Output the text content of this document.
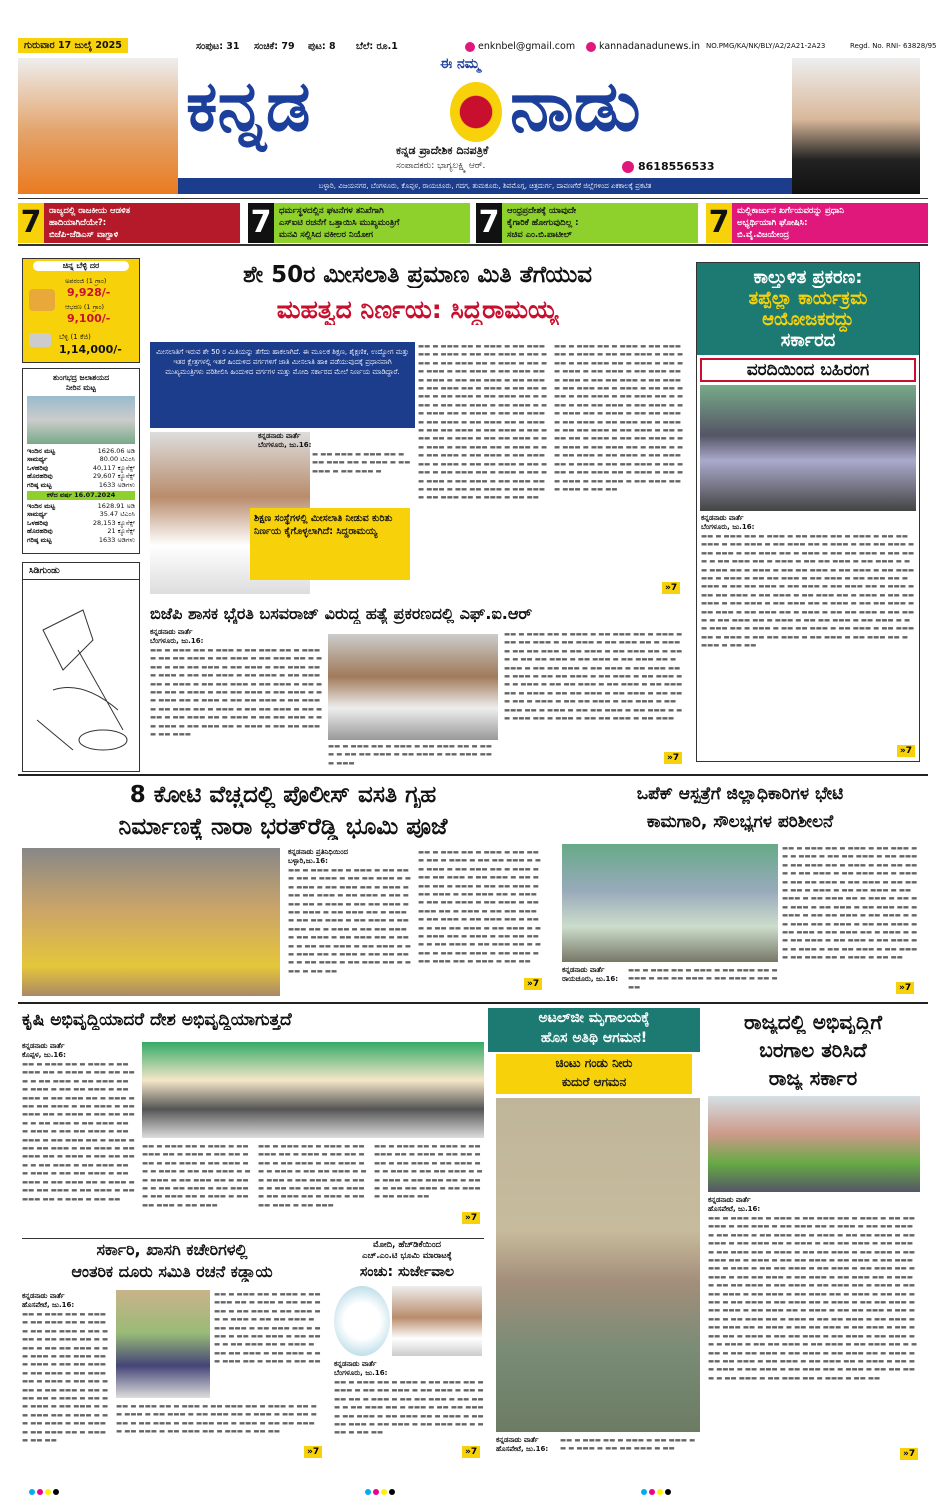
ಗುರುವಾರ 17 ಜುಲೈ 2025	ಸಂಪುಟ: 31 ಸಂಚಿಕೆ: 79 ಪುಟ: 8 ಬೆಲೆ: ರೂ.1	enknbel@gmail.com	kannadanadunews.in NO.PMG/KA/NK/BLY/A2/2A21-2A23	Regd. No. RNI- 63828/95
ಕನ್ನಡ
ಈ ನಮ್ಮ
ನಾಡು
ಕನ್ನಡ ಪ್ರಾದೇಶಿಕ ದಿನಪತ್ರಿಕೆ
ಸಂಪಾದಕರು: ಭಾಗ್ಯಲಕ್ಷ್ಮಿ ಆರ್.	8618556533
ಬಳ್ಳಾರಿ, ವಿಜಯನಗರ, ಬೆಂಗಳೂರು, ಕೊಪ್ಪಳ, ರಾಯಚೂರು, ಗದಗ, ತುಮಕೂರು, ಶಿವಮೊಗ್ಗ, ಚಿತ್ರದುರ್ಗ, ದಾವಣಗೆರೆ ಜಿಲ್ಲೆಗಳಿಂದ ಏಕಕಾಲಕ್ಕೆ ಪ್ರಕಟಿತ
7 ರಾಜ್ಯದಲ್ಲಿ ರಾಜಕೀಯ ಆಡಳಿತ
ಹಾದಿಯಾಗಿದೆಯೇ?:
ಬಿಜೆಪಿ-ಜೆಡಿಎಸ್ ವಾಗ್ದಾಳಿ	7 ಧರ್ಮಸ್ಥಳದಲ್ಲಿನ ಘಟನೆಗಳ ತನಿಖೆಗಾಗಿ
ಎಸ್‌ಐಟಿ ರಚನೆಗೆ ಒತ್ತಾಯಿಸಿ ಮುಖ್ಯಮಂತ್ರಿಗೆ
ಮನವಿ ಸಲ್ಲಿಸಿದ ವಕೀಲರ ನಿಯೋಗ	7 ಆಂಧ್ರಪ್ರದೇಶಕ್ಕೆ ಯಾವುದೇ
ಕೈಗಾರಿಕೆ ಹೋಗುವುದಿಲ್ಲ :
ಸಚಿವ ಎಂ.ಬಿ.ಪಾಟೀಲ್	7 ಮಲ್ಲಿಕಾರ್ಜುನ ಖರ್ಗೆಯವರನ್ನು ಪ್ರಧಾನಿ
ಅಭ್ಯರ್ಥಿಯಾಗಿ ಘೋಷಿಸಿ:
ಬಿ.ವೈ.ವಿಜಯೇಂದ್ರ
ಚಿನ್ನ ಬೆಳ್ಳಿ ದರ
ಅಪರಂಜಿ (1 ಗ್ರಾಂ)
9,928/-
ಆಭರಣ (1 ಗ್ರಾಂ)
9,100/-
ಬೆಳ್ಳಿ (1 ಕೆಜಿ)
1,14,000/-
ತುಂಗಭದ್ರ ಜಲಾಶಯದ
ನೀರಿನ ಮಟ್ಟ
ಇಂದಿನ ಮಟ್ಟ	1626.06 ಅಡಿ
ಸಾಮರ್ಥ್ಯ	80.00 ಟಿಎಂಸಿ
ಒಳಹರಿವು	40,117 ಕ್ಯೂಸೆಕ್ಸ್
ಹೊರಹರಿವು	29,607 ಕ್ಯೂಸೆಕ್ಸ್
ಗರಿಷ್ಠ ಮಟ್ಟ	1633 ಅಡಿಗಳು
ಕಳೆದ ವರ್ಷ 16.07.2024
ಇಂದಿನ ಮಟ್ಟ	1628.91 ಅಡಿ
ಸಾಮರ್ಥ್ಯ	35.47 ಟಿಎಂಸಿ
ಒಳಹರಿವು	28,153 ಕ್ಯೂಸೆಕ್ಸ್
ಹೊರಹರಿವು	21 ಕ್ಯೂಸೆಕ್ಸ್
ಗರಿಷ್ಠ ಮಟ್ಟ	1633 ಅಡಿಗಳು
ಸಿಡಿಗುಂಡು
ಶೇ 50ರ ಮೀಸಲಾತಿ ಪ್ರಮಾಣ ಮಿತಿ ತೆಗೆಯುವ
ಮಹತ್ವದ ನಿರ್ಣಯ: ಸಿದ್ದರಾಮಯ್ಯ
ಮೀಸಲಾತಿಗೆ ಇರುವ ಶೇ 50 ರ ಮಿತಿಯನ್ನು ತೆಗೆದು ಹಾಕಲಾಗಿದೆ. ಈ ಮೂಲಕ ಶಿಕ್ಷಣ, ಶೈಕ್ಷಣಿಕ, ಉದ್ಯೋಗ ಮತ್ತು ಇತರ ಕ್ಷೇತ್ರಗಳಲ್ಲಿ ಇತರೆ ಹಿಂದುಳಿದ ವರ್ಗಗಳಿಗೆ ಜಾತಿ ಮೀಸಲಾತಿ ಹಾಕಿ ಪಡೆಯುವುದಕ್ಕೆ ಪ್ರಧಾನವಾಗಿ ಮುಖ್ಯಮಂತ್ರಿಗಳು ಪರಿಶೀಲಿಸಿ ಹಿಂದುಳಿದ ವರ್ಗಗಳ ಮತ್ತು ಮೋದಿ ಸರ್ಕಾರದ ಮೇಲೆ ನಿರ್ಣಯ ಮಾಡಿದ್ದಾರೆ.
ಶಿಕ್ಷಣ ಸಂಸ್ಥೆಗಳಲ್ಲಿ ಮೀಸಲಾತಿ ನೀಡುವ ಕುರಿತು ನಿರ್ಣಯ ಕೈಗೊಳ್ಳಲಾಗಿದೆ: ಸಿದ್ದರಾಮಯ್ಯ
ಕನ್ನಡನಾಡು ವಾರ್ತೆ
ಬೆಂಗಳೂರು, ಜು.16:
▬ ▬▬ ▬▬▬ ▬ ▬▬▬ ▬▬ ▬ ▬▬ ▬▬▬ ▬▬ ▬ ▬▬▬ ▬ ▬▬ ▬▬▬ ▬ ▬▬ ▬▬▬ ▬
▬▬ ▬ ▬▬▬ ▬▬ ▬ ▬▬▬ ▬ ▬▬ ▬▬▬ ▬▬ ▬ ▬▬▬ ▬ ▬▬ ▬▬ ▬▬▬ ▬ ▬▬ ▬▬▬ ▬ ▬▬ ▬▬▬ ▬▬ ▬ ▬▬▬ ▬ ▬▬ ▬▬ ▬▬▬ ▬ ▬▬ ▬▬▬ ▬ ▬▬ ▬▬▬ ▬▬ ▬ ▬▬▬ ▬ ▬▬ ▬▬ ▬▬▬ ▬ ▬▬ ▬▬▬ ▬ ▬▬ ▬▬▬ ▬▬ ▬ ▬▬▬ ▬ ▬▬ ▬▬ ▬▬▬ ▬ ▬▬ ▬▬▬ ▬ ▬▬ ▬▬▬ ▬▬ ▬ ▬▬▬ ▬ ▬▬ ▬▬ ▬▬▬ ▬ ▬▬ ▬▬▬ ▬ ▬▬ ▬▬▬ ▬▬ ▬ ▬▬▬ ▬ ▬▬ ▬▬ ▬▬▬ ▬ ▬▬ ▬▬▬ ▬ ▬▬ ▬▬▬ ▬▬ ▬ ▬▬▬ ▬ ▬▬ ▬▬ ▬▬▬ ▬ ▬▬ ▬▬▬ ▬ ▬▬ ▬▬▬ ▬▬ ▬ ▬▬▬ ▬ ▬▬ ▬▬ ▬▬▬ ▬ ▬▬ ▬▬▬ ▬ ▬▬ ▬▬▬ ▬▬ ▬ ▬▬▬ ▬ ▬▬ ▬▬ ▬▬▬ ▬ ▬▬ ▬▬▬ ▬ ▬▬ ▬▬▬ ▬▬ ▬ ▬▬▬ ▬ ▬▬ ▬▬ ▬▬▬ ▬ ▬▬ ▬▬▬ ▬ ▬▬ ▬▬▬ ▬▬ ▬ ▬▬▬ ▬ ▬▬ ▬▬ ▬▬▬ ▬ ▬▬ ▬▬▬ ▬ ▬▬ ▬▬▬ ▬▬ ▬ ▬▬▬ ▬ ▬▬ ▬▬ ▬▬▬ ▬ ▬▬ ▬▬▬ ▬ ▬▬ ▬▬▬ ▬▬ ▬ ▬▬▬ ▬ ▬▬ ▬▬
▬▬ ▬ ▬▬▬ ▬▬ ▬ ▬▬▬ ▬ ▬▬ ▬▬▬ ▬▬ ▬ ▬▬▬ ▬ ▬▬ ▬▬ ▬▬▬ ▬ ▬▬ ▬▬▬ ▬ ▬▬ ▬▬▬ ▬▬ ▬ ▬▬▬ ▬ ▬▬ ▬▬ ▬▬▬ ▬ ▬▬ ▬▬▬ ▬ ▬▬ ▬▬▬ ▬▬ ▬ ▬▬▬ ▬ ▬▬ ▬▬ ▬▬▬ ▬ ▬▬ ▬▬▬ ▬ ▬▬ ▬▬▬ ▬▬ ▬ ▬▬▬ ▬ ▬▬ ▬▬ ▬▬▬ ▬ ▬▬ ▬▬▬ ▬ ▬▬ ▬▬▬ ▬▬ ▬ ▬▬▬ ▬ ▬▬ ▬▬ ▬▬▬ ▬ ▬▬ ▬▬▬ ▬ ▬▬ ▬▬▬ ▬▬ ▬ ▬▬▬ ▬ ▬▬ ▬▬ ▬▬▬ ▬ ▬▬ ▬▬▬ ▬ ▬▬ ▬▬▬ ▬▬ ▬ ▬▬▬ ▬ ▬▬ ▬▬ ▬▬▬ ▬ ▬▬ ▬▬▬ ▬ ▬▬ ▬▬▬ ▬▬ ▬ ▬▬▬ ▬ ▬▬ ▬▬ ▬▬▬ ▬ ▬▬ ▬▬▬ ▬ ▬▬ ▬▬▬ ▬▬ ▬ ▬▬▬ ▬ ▬▬ ▬▬ ▬▬▬ ▬ ▬▬ ▬▬▬ ▬ ▬▬ ▬▬▬ ▬▬ ▬ ▬▬▬ ▬ ▬▬ ▬▬ ▬▬▬ ▬ ▬▬ ▬▬▬ ▬ ▬▬ ▬▬▬ ▬▬ ▬ ▬▬▬ ▬ ▬▬ ▬▬ ▬▬▬ ▬ ▬▬ ▬▬▬ ▬ ▬▬ ▬▬▬ ▬▬ ▬ ▬▬▬ ▬ ▬▬ ▬▬
»7
ಕಾಲ್ತುಳಿತ ಪ್ರಕರಣ:
ತಪ್ಪೆಲ್ಲಾ ಕಾರ್ಯಕ್ರಮ
ಆಯೋಜಕರದ್ದು
ಸರ್ಕಾರದ
ವರದಿಯಿಂದ ಬಹಿರಂಗ
ಕನ್ನಡನಾಡು ವಾರ್ತೆ
ಬೆಂಗಳೂರು, ಜು.16:
▬▬ ▬ ▬▬▬ ▬▬ ▬ ▬▬▬ ▬ ▬▬ ▬▬▬ ▬▬ ▬ ▬▬▬ ▬ ▬▬ ▬▬ ▬▬▬ ▬ ▬▬ ▬▬▬ ▬ ▬▬ ▬▬▬ ▬▬ ▬ ▬▬▬ ▬ ▬▬ ▬▬ ▬▬▬ ▬ ▬▬ ▬▬▬ ▬ ▬▬ ▬▬▬ ▬▬ ▬ ▬▬▬ ▬ ▬▬ ▬▬ ▬▬▬ ▬ ▬▬ ▬▬▬ ▬ ▬▬ ▬▬▬ ▬▬ ▬ ▬▬▬ ▬ ▬▬ ▬▬ ▬▬▬ ▬ ▬▬ ▬▬▬ ▬ ▬▬ ▬▬▬ ▬▬ ▬ ▬▬▬ ▬ ▬▬ ▬▬ ▬▬▬ ▬ ▬▬ ▬▬▬ ▬ ▬▬ ▬▬▬ ▬▬ ▬ ▬▬▬ ▬ ▬▬ ▬▬ ▬▬▬ ▬ ▬▬ ▬▬▬ ▬ ▬▬ ▬▬▬ ▬▬ ▬ ▬▬▬ ▬ ▬▬ ▬▬ ▬▬▬ ▬ ▬▬ ▬▬▬ ▬ ▬▬ ▬▬▬ ▬▬ ▬ ▬▬▬ ▬ ▬▬ ▬▬ ▬▬▬ ▬ ▬▬ ▬▬▬ ▬ ▬▬ ▬▬▬ ▬▬ ▬ ▬▬▬ ▬ ▬▬ ▬▬ ▬▬▬ ▬ ▬▬ ▬▬▬ ▬ ▬▬ ▬▬▬ ▬▬ ▬ ▬▬▬ ▬ ▬▬ ▬▬ ▬▬▬ ▬ ▬▬ ▬▬▬ ▬ ▬▬ ▬▬▬ ▬▬ ▬ ▬▬▬ ▬ ▬▬ ▬▬ ▬▬▬ ▬ ▬▬ ▬▬▬ ▬ ▬▬ ▬▬▬ ▬▬ ▬ ▬▬▬ ▬ ▬▬ ▬▬ ▬▬▬ ▬ ▬▬ ▬▬▬ ▬ ▬▬ ▬▬▬ ▬▬ ▬ ▬▬▬ ▬ ▬▬ ▬▬ ▬▬▬ ▬ ▬▬ ▬▬▬ ▬ ▬▬ ▬▬▬ ▬▬ ▬ ▬▬▬ ▬ ▬▬ ▬▬ ▬▬▬ ▬ ▬▬ ▬▬▬ ▬ ▬▬ ▬▬▬ ▬▬ ▬ ▬▬▬ ▬ ▬▬ ▬▬
»7
ಬಿಜೆಪಿ ಶಾಸಕ ಭೈರತಿ ಬಸವರಾಜ್ ವಿರುದ್ಧ ಹತ್ಯೆ ಪ್ರಕರಣದಲ್ಲಿ ಎಫ್.ಐ.ಆರ್
ಕನ್ನಡನಾಡು ವಾರ್ತೆ
ಬೆಂಗಳೂರು, ಜು.16:
▬▬ ▬ ▬▬▬ ▬▬ ▬ ▬▬▬ ▬ ▬▬ ▬▬▬ ▬▬ ▬ ▬▬▬ ▬ ▬▬ ▬▬ ▬▬▬ ▬ ▬▬ ▬▬▬ ▬ ▬▬ ▬▬▬ ▬▬ ▬ ▬▬▬ ▬ ▬▬ ▬▬ ▬▬▬ ▬ ▬▬ ▬▬▬ ▬ ▬▬ ▬▬▬ ▬▬ ▬ ▬▬▬ ▬ ▬▬ ▬▬ ▬▬▬ ▬ ▬▬ ▬▬▬ ▬ ▬▬ ▬▬▬ ▬▬ ▬ ▬▬▬ ▬ ▬▬ ▬▬ ▬▬▬ ▬ ▬▬ ▬▬▬ ▬ ▬▬ ▬▬▬ ▬▬ ▬ ▬▬▬ ▬ ▬▬ ▬▬ ▬▬▬ ▬ ▬▬ ▬▬▬ ▬ ▬▬ ▬▬▬ ▬▬ ▬ ▬▬▬ ▬ ▬▬ ▬▬ ▬▬▬ ▬ ▬▬ ▬▬▬ ▬ ▬▬ ▬▬▬ ▬▬ ▬ ▬▬▬ ▬ ▬▬ ▬▬ ▬▬▬ ▬ ▬▬ ▬▬▬ ▬ ▬▬ ▬▬▬ ▬▬ ▬ ▬▬▬ ▬ ▬▬ ▬▬ ▬▬▬ ▬ ▬▬ ▬▬▬ ▬ ▬▬ ▬▬▬ ▬▬ ▬ ▬▬▬ ▬ ▬▬ ▬▬ ▬▬▬ ▬ ▬▬ ▬▬▬
▬▬ ▬ ▬▬▬ ▬▬ ▬ ▬▬▬ ▬ ▬▬ ▬▬▬ ▬▬ ▬ ▬▬▬ ▬ ▬▬ ▬▬ ▬▬▬ ▬ ▬▬ ▬▬▬ ▬ ▬▬ ▬▬▬ ▬▬ ▬ ▬▬▬
▬▬ ▬ ▬▬▬ ▬▬ ▬ ▬▬▬ ▬ ▬▬ ▬▬▬ ▬▬ ▬ ▬▬▬ ▬ ▬▬ ▬▬ ▬▬▬ ▬ ▬▬ ▬▬▬ ▬ ▬▬ ▬▬▬ ▬▬ ▬ ▬▬▬ ▬ ▬▬ ▬▬ ▬▬▬ ▬ ▬▬ ▬▬▬ ▬ ▬▬ ▬▬▬ ▬▬ ▬ ▬▬▬ ▬ ▬▬ ▬▬ ▬▬▬ ▬ ▬▬ ▬▬▬ ▬ ▬▬ ▬▬▬ ▬▬ ▬ ▬▬▬ ▬ ▬▬ ▬▬ ▬▬▬ ▬ ▬▬ ▬▬▬ ▬ ▬▬ ▬▬▬ ▬▬ ▬ ▬▬▬ ▬ ▬▬ ▬▬ ▬▬▬ ▬ ▬▬ ▬▬▬ ▬ ▬▬ ▬▬▬ ▬▬ ▬ ▬▬▬ ▬ ▬▬ ▬▬ ▬▬▬ ▬ ▬▬ ▬▬▬ ▬ ▬▬ ▬▬▬ ▬▬ ▬ ▬▬▬ ▬ ▬▬ ▬▬ ▬▬▬ ▬ ▬▬ ▬▬▬ ▬ ▬▬ ▬▬▬ ▬▬ ▬ ▬▬▬ ▬ ▬▬ ▬▬ ▬▬▬ ▬ ▬▬ ▬▬▬ ▬ ▬▬ ▬▬▬ ▬▬ ▬ ▬▬▬ ▬ ▬▬ ▬▬ ▬▬▬ ▬ ▬▬ ▬▬▬ ▬ ▬▬ ▬▬▬ ▬▬ ▬ ▬▬▬ ▬ ▬▬ ▬▬ ▬▬▬ ▬ ▬▬ ▬▬▬
»7
8 ಕೋಟಿ ವೆಚ್ಚದಲ್ಲಿ ಪೊಲೀಸ್ ವಸತಿ ಗೃಹ
ನಿರ್ಮಾಣಕ್ಕೆ ನಾರಾ ಭರತ್‌ರೆಡ್ಡಿ ಭೂಮಿ ಪೂಜೆ
ಕನ್ನಡನಾಡು ಪ್ರತಿನಿಧಿಯಿಂದ
ಬಳ್ಳಾರಿ,ಜು.16:
▬▬ ▬ ▬▬▬ ▬▬ ▬ ▬▬▬ ▬ ▬▬ ▬▬▬ ▬▬ ▬ ▬▬▬ ▬ ▬▬ ▬▬ ▬▬▬ ▬ ▬▬ ▬▬▬ ▬ ▬▬ ▬▬▬ ▬▬ ▬ ▬▬▬ ▬ ▬▬ ▬▬ ▬▬▬ ▬ ▬▬ ▬▬▬ ▬ ▬▬ ▬▬▬ ▬▬ ▬ ▬▬▬ ▬ ▬▬ ▬▬ ▬▬▬ ▬ ▬▬ ▬▬▬ ▬ ▬▬ ▬▬▬ ▬▬ ▬ ▬▬▬ ▬ ▬▬ ▬▬ ▬▬▬ ▬ ▬▬ ▬▬▬ ▬ ▬▬ ▬▬▬ ▬▬ ▬ ▬▬▬ ▬ ▬▬ ▬▬ ▬▬▬ ▬ ▬▬ ▬▬▬ ▬ ▬▬ ▬▬▬ ▬▬ ▬ ▬▬▬ ▬ ▬▬ ▬▬ ▬▬▬ ▬ ▬▬ ▬▬▬ ▬ ▬▬ ▬▬▬ ▬▬ ▬ ▬▬▬ ▬ ▬▬ ▬▬ ▬▬▬ ▬ ▬▬ ▬▬▬ ▬ ▬▬ ▬▬▬ ▬▬ ▬ ▬▬▬ ▬ ▬▬ ▬▬
▬▬ ▬ ▬▬▬ ▬▬ ▬ ▬▬▬ ▬ ▬▬ ▬▬▬ ▬▬ ▬ ▬▬▬ ▬ ▬▬ ▬▬ ▬▬▬ ▬ ▬▬ ▬▬▬ ▬ ▬▬ ▬▬▬ ▬▬ ▬ ▬▬▬ ▬ ▬▬ ▬▬ ▬▬▬ ▬ ▬▬ ▬▬▬ ▬ ▬▬ ▬▬▬ ▬▬ ▬ ▬▬▬ ▬ ▬▬ ▬▬ ▬▬▬ ▬ ▬▬ ▬▬▬ ▬ ▬▬ ▬▬▬ ▬▬ ▬ ▬▬▬ ▬ ▬▬ ▬▬ ▬▬▬ ▬ ▬▬ ▬▬▬ ▬ ▬▬ ▬▬▬ ▬▬ ▬ ▬▬▬ ▬ ▬▬ ▬▬ ▬▬▬ ▬ ▬▬ ▬▬▬ ▬ ▬▬ ▬▬▬ ▬▬ ▬ ▬▬▬ ▬ ▬▬ ▬▬ ▬▬▬ ▬ ▬▬ ▬▬▬ ▬ ▬▬ ▬▬▬ ▬▬ ▬ ▬▬▬ ▬ ▬▬ ▬▬ ▬▬▬ ▬ ▬▬ ▬▬▬ ▬ ▬▬ ▬▬▬ ▬▬ ▬ ▬▬▬ ▬ ▬▬ ▬▬ ▬▬▬ ▬ ▬▬ ▬▬▬ ▬ ▬▬ ▬▬▬ ▬▬ ▬ ▬▬▬ ▬ ▬▬ ▬▬
»7
ಒಪೆಕ್ ಆಸ್ಪತ್ರೆಗೆ ಜಿಲ್ಲಾಧಿಕಾರಿಗಳ ಭೇಟಿ
ಕಾಮಗಾರಿ, ಸೌಲಭ್ಯಗಳ ಪರಿಶೀಲನೆ
ಕನ್ನಡನಾಡು ವಾರ್ತೆ
ರಾಯಚೂರು, ಜು.16:
▬▬ ▬ ▬▬▬ ▬▬ ▬ ▬▬▬ ▬ ▬▬ ▬▬▬ ▬▬ ▬ ▬▬▬ ▬ ▬▬ ▬▬ ▬▬▬ ▬ ▬▬ ▬▬▬ ▬ ▬▬ ▬▬▬
▬▬ ▬ ▬▬▬ ▬▬ ▬ ▬▬▬ ▬ ▬▬ ▬▬▬ ▬▬ ▬ ▬▬▬ ▬ ▬▬ ▬▬ ▬▬▬ ▬ ▬▬ ▬▬▬ ▬ ▬▬ ▬▬▬ ▬▬ ▬ ▬▬▬ ▬ ▬▬ ▬▬ ▬▬▬ ▬ ▬▬ ▬▬▬ ▬ ▬▬ ▬▬▬ ▬▬ ▬ ▬▬▬ ▬ ▬▬ ▬▬ ▬▬▬ ▬ ▬▬ ▬▬▬ ▬ ▬▬ ▬▬▬ ▬▬ ▬ ▬▬▬ ▬ ▬▬ ▬▬ ▬▬▬ ▬ ▬▬ ▬▬▬ ▬ ▬▬ ▬▬▬ ▬▬ ▬ ▬▬▬ ▬ ▬▬ ▬▬ ▬▬▬ ▬ ▬▬ ▬▬▬ ▬ ▬▬ ▬▬▬ ▬▬ ▬ ▬▬▬ ▬ ▬▬ ▬▬ ▬▬▬ ▬ ▬▬ ▬▬▬ ▬ ▬▬ ▬▬▬ ▬▬ ▬ ▬▬▬ ▬ ▬▬ ▬▬ ▬▬▬ ▬ ▬▬ ▬▬▬ ▬ ▬▬ ▬▬▬ ▬▬ ▬ ▬▬▬ ▬ ▬▬ ▬▬ ▬▬▬ ▬ ▬▬ ▬▬▬ ▬ ▬▬ ▬▬▬ ▬▬ ▬ ▬▬▬ ▬ ▬▬ ▬▬ ▬▬▬ ▬ ▬▬ ▬▬▬ ▬ ▬▬ ▬▬▬ ▬▬ ▬ ▬▬▬ ▬ ▬▬ ▬▬
»7
ಕೃಷಿ ಅಭಿವೃದ್ಧಿಯಾದರೆ ದೇಶ ಅಭಿವೃದ್ಧಿಯಾಗುತ್ತದೆ
ಕನ್ನಡನಾಡು ವಾರ್ತೆ
ಕೊಪ್ಪಳ, ಜು.16:
▬▬ ▬ ▬▬▬ ▬▬ ▬ ▬▬▬ ▬ ▬▬ ▬▬▬ ▬▬ ▬ ▬▬▬ ▬ ▬▬ ▬▬ ▬▬▬ ▬ ▬▬ ▬▬▬ ▬ ▬▬ ▬▬▬ ▬▬ ▬ ▬▬▬ ▬ ▬▬ ▬▬ ▬▬▬ ▬ ▬▬ ▬▬▬ ▬ ▬▬ ▬▬▬ ▬▬ ▬ ▬▬▬ ▬ ▬▬ ▬▬ ▬▬▬ ▬ ▬▬ ▬▬▬ ▬ ▬▬ ▬▬▬ ▬▬ ▬ ▬▬▬ ▬ ▬▬ ▬▬ ▬▬▬ ▬ ▬▬ ▬▬▬ ▬ ▬▬ ▬▬▬ ▬▬ ▬ ▬▬▬ ▬ ▬▬ ▬▬ ▬▬▬ ▬ ▬▬ ▬▬▬ ▬ ▬▬ ▬▬▬ ▬▬ ▬ ▬▬▬ ▬ ▬▬ ▬▬ ▬▬▬ ▬ ▬▬ ▬▬▬ ▬ ▬▬ ▬▬▬ ▬▬ ▬ ▬▬▬ ▬ ▬▬ ▬▬ ▬▬▬ ▬ ▬▬ ▬▬▬ ▬ ▬▬ ▬▬▬ ▬▬ ▬ ▬▬▬ ▬ ▬▬ ▬▬ ▬▬▬ ▬ ▬▬ ▬▬▬ ▬ ▬▬ ▬▬▬ ▬▬ ▬ ▬▬▬ ▬ ▬▬ ▬▬ ▬▬▬ ▬ ▬▬ ▬▬▬ ▬ ▬▬ ▬▬▬ ▬▬ ▬ ▬▬▬ ▬ ▬▬ ▬▬
▬▬ ▬ ▬▬▬ ▬▬ ▬ ▬▬▬ ▬ ▬▬ ▬▬▬ ▬▬ ▬ ▬▬▬ ▬ ▬▬ ▬▬ ▬▬▬ ▬ ▬▬ ▬▬▬ ▬ ▬▬ ▬▬▬ ▬▬ ▬ ▬▬▬ ▬ ▬▬ ▬▬ ▬▬▬ ▬ ▬▬ ▬▬▬ ▬ ▬▬ ▬▬▬ ▬▬ ▬ ▬▬▬ ▬ ▬▬ ▬▬ ▬▬▬ ▬ ▬▬ ▬▬▬ ▬ ▬▬ ▬▬▬ ▬▬ ▬ ▬▬▬ ▬ ▬▬ ▬▬ ▬▬▬ ▬ ▬▬ ▬▬▬
▬▬ ▬ ▬▬▬ ▬▬ ▬ ▬▬▬ ▬ ▬▬ ▬▬▬ ▬▬ ▬ ▬▬▬ ▬ ▬▬ ▬▬ ▬▬▬ ▬ ▬▬ ▬▬▬ ▬ ▬▬ ▬▬▬ ▬▬ ▬ ▬▬▬ ▬ ▬▬ ▬▬ ▬▬▬ ▬ ▬▬ ▬▬▬ ▬ ▬▬ ▬▬▬ ▬▬ ▬ ▬▬▬ ▬ ▬▬ ▬▬ ▬▬▬ ▬ ▬▬ ▬▬▬ ▬ ▬▬ ▬▬▬ ▬▬ ▬ ▬▬▬ ▬ ▬▬ ▬▬ ▬▬▬ ▬ ▬▬ ▬▬▬
▬▬ ▬ ▬▬▬ ▬▬ ▬ ▬▬▬ ▬ ▬▬ ▬▬▬ ▬▬ ▬ ▬▬▬ ▬ ▬▬ ▬▬ ▬▬▬ ▬ ▬▬ ▬▬▬ ▬ ▬▬ ▬▬▬ ▬▬ ▬ ▬▬▬ ▬ ▬▬ ▬▬ ▬▬▬ ▬ ▬▬ ▬▬▬ ▬ ▬▬ ▬▬▬ ▬▬ ▬ ▬▬▬ ▬ ▬▬ ▬▬ ▬▬▬ ▬ ▬▬ ▬▬▬ ▬ ▬▬ ▬▬▬ ▬▬
»7
ಸರ್ಕಾರಿ, ಖಾಸಗಿ ಕಚೇರಿಗಳಲ್ಲಿ
ಆಂತರಿಕ ದೂರು ಸಮಿತಿ ರಚನೆ ಕಡ್ಡಾಯ
ಕನ್ನಡನಾಡು ವಾರ್ತೆ
ಹೊಸಪೇಟೆ, ಜು.16:
▬▬ ▬ ▬▬▬ ▬▬ ▬ ▬▬▬ ▬ ▬▬ ▬▬▬ ▬▬ ▬ ▬▬▬ ▬ ▬▬ ▬▬ ▬▬▬ ▬ ▬▬ ▬▬▬ ▬ ▬▬ ▬▬▬ ▬▬ ▬ ▬▬▬ ▬ ▬▬ ▬▬ ▬▬▬ ▬ ▬▬ ▬▬▬ ▬ ▬▬ ▬▬▬ ▬▬ ▬ ▬▬▬ ▬ ▬▬ ▬▬ ▬▬▬ ▬ ▬▬ ▬▬▬ ▬ ▬▬ ▬▬▬ ▬▬ ▬ ▬▬▬ ▬ ▬▬ ▬▬ ▬▬▬ ▬ ▬▬ ▬▬▬ ▬ ▬▬ ▬▬▬ ▬▬ ▬ ▬▬▬ ▬ ▬▬ ▬▬ ▬▬▬ ▬ ▬▬ ▬▬▬ ▬ ▬▬ ▬▬▬ ▬▬ ▬ ▬▬▬ ▬ ▬▬ ▬▬ ▬▬▬ ▬ ▬▬ ▬▬▬ ▬ ▬▬ ▬▬▬ ▬▬ ▬ ▬▬▬ ▬ ▬▬ ▬▬
▬▬ ▬ ▬▬▬ ▬▬ ▬ ▬▬▬ ▬ ▬▬ ▬▬▬ ▬▬ ▬ ▬▬▬ ▬ ▬▬ ▬▬ ▬▬▬ ▬ ▬▬ ▬▬▬ ▬ ▬▬ ▬▬▬ ▬▬ ▬ ▬▬▬ ▬ ▬▬ ▬▬ ▬▬▬ ▬ ▬▬ ▬▬▬ ▬ ▬▬ ▬▬▬ ▬▬ ▬ ▬▬▬ ▬ ▬▬ ▬▬ ▬▬▬ ▬ ▬▬ ▬▬▬ ▬ ▬▬ ▬▬▬ ▬▬ ▬ ▬▬▬ ▬ ▬▬ ▬▬
▬▬ ▬ ▬▬▬ ▬▬ ▬ ▬▬▬ ▬ ▬▬ ▬▬▬ ▬▬ ▬ ▬▬▬ ▬ ▬▬ ▬▬ ▬▬▬ ▬ ▬▬ ▬▬▬ ▬ ▬▬ ▬▬▬ ▬▬ ▬ ▬▬▬ ▬ ▬▬ ▬▬ ▬▬▬ ▬ ▬▬ ▬▬▬ ▬ ▬▬ ▬▬▬ ▬▬ ▬ ▬▬▬ ▬ ▬▬ ▬▬ ▬▬▬ ▬ ▬▬ ▬▬▬ ▬ ▬▬ ▬▬▬ ▬▬ ▬ ▬▬▬ ▬ ▬▬ ▬▬ ▬▬▬ ▬ ▬▬ ▬▬▬ ▬ ▬▬ ▬▬▬ ▬▬ ▬ ▬▬▬ ▬ ▬▬ ▬▬
»7
ಮೋದಿ, ಹೆಚ್‌ಡಿಕೆಯಿಂದ
ಎಚ್.ಎಂ.ಟಿ ಭೂಮಿ ಮಾರಾಟಕ್ಕೆ
ಸಂಚು: ಸುರ್ಜೇವಾಲ
ಕನ್ನಡನಾಡು ವಾರ್ತೆ
ಬೆಂಗಳೂರು, ಜು.16:
▬▬ ▬ ▬▬▬ ▬▬ ▬ ▬▬▬ ▬ ▬▬ ▬▬▬ ▬▬ ▬ ▬▬▬ ▬ ▬▬ ▬▬ ▬▬▬ ▬ ▬▬ ▬▬▬ ▬ ▬▬ ▬▬▬ ▬▬ ▬ ▬▬▬ ▬ ▬▬ ▬▬ ▬▬▬ ▬ ▬▬ ▬▬▬ ▬ ▬▬ ▬▬▬ ▬▬ ▬ ▬▬▬ ▬ ▬▬ ▬▬ ▬▬▬ ▬ ▬▬ ▬▬▬ ▬ ▬▬ ▬▬▬ ▬▬ ▬ ▬▬▬ ▬ ▬▬ ▬▬ ▬▬▬ ▬ ▬▬ ▬▬▬ ▬ ▬▬ ▬▬▬ ▬▬ ▬ ▬▬▬ ▬ ▬▬ ▬▬
»7
ಅಟಲ್‌ಜೀ ಮೃಗಾಲಯಕ್ಕೆ
ಹೊಸ ಅತಿಥಿ ಆಗಮನ!
ಚಿಂಟು ಗಂಡು ನೀರು
ಕುದುರೆ ಆಗಮನ
ಕನ್ನಡನಾಡು ವಾರ್ತೆ
ಹೊಸಪೇಟೆ, ಜು.16:
▬▬ ▬ ▬▬▬ ▬▬ ▬ ▬▬▬ ▬ ▬▬ ▬▬▬ ▬▬ ▬ ▬▬▬ ▬ ▬▬ ▬▬ ▬▬▬ ▬ ▬▬
ರಾಜ್ಯದಲ್ಲಿ ಅಭಿವೃದ್ಧಿಗೆ
ಬರಗಾಲ ತರಿಸಿದೆ
ರಾಜ್ಯ ಸರ್ಕಾರ
ಕನ್ನಡನಾಡು ವಾರ್ತೆ
ಹೊಸಪೇಟೆ, ಜು.16:
▬▬ ▬ ▬▬▬ ▬▬ ▬ ▬▬▬ ▬ ▬▬ ▬▬▬ ▬▬ ▬ ▬▬▬ ▬ ▬▬ ▬▬ ▬▬▬ ▬ ▬▬ ▬▬▬ ▬ ▬▬ ▬▬▬ ▬▬ ▬ ▬▬▬ ▬ ▬▬ ▬▬ ▬▬▬ ▬ ▬▬ ▬▬▬ ▬ ▬▬ ▬▬▬ ▬▬ ▬ ▬▬▬ ▬ ▬▬ ▬▬ ▬▬▬ ▬ ▬▬ ▬▬▬ ▬ ▬▬ ▬▬▬ ▬▬ ▬ ▬▬▬ ▬ ▬▬ ▬▬ ▬▬▬ ▬ ▬▬ ▬▬▬ ▬ ▬▬ ▬▬▬ ▬▬ ▬ ▬▬▬ ▬ ▬▬ ▬▬ ▬▬▬ ▬ ▬▬ ▬▬▬ ▬ ▬▬ ▬▬▬ ▬▬ ▬ ▬▬▬ ▬ ▬▬ ▬▬ ▬▬▬ ▬ ▬▬ ▬▬▬ ▬ ▬▬ ▬▬▬ ▬▬ ▬ ▬▬▬ ▬ ▬▬ ▬▬ ▬▬▬ ▬ ▬▬ ▬▬▬ ▬ ▬▬ ▬▬▬ ▬▬ ▬ ▬▬▬ ▬ ▬▬ ▬▬ ▬▬▬ ▬ ▬▬ ▬▬▬ ▬ ▬▬ ▬▬▬ ▬▬ ▬ ▬▬▬ ▬ ▬▬ ▬▬ ▬▬▬ ▬ ▬▬ ▬▬▬ ▬ ▬▬ ▬▬▬ ▬▬ ▬ ▬▬▬ ▬ ▬▬ ▬▬ ▬▬▬ ▬ ▬▬ ▬▬▬ ▬ ▬▬ ▬▬▬ ▬▬ ▬ ▬▬▬ ▬ ▬▬ ▬▬ ▬▬▬ ▬ ▬▬ ▬▬▬ ▬ ▬▬ ▬▬▬ ▬▬ ▬ ▬▬▬ ▬ ▬▬ ▬▬ ▬▬▬ ▬ ▬▬ ▬▬▬ ▬ ▬▬ ▬▬▬ ▬▬ ▬ ▬▬▬ ▬ ▬▬ ▬▬ ▬▬▬ ▬ ▬▬ ▬▬▬ ▬ ▬▬ ▬▬▬ ▬▬ ▬ ▬▬▬ ▬ ▬▬ ▬▬ ▬▬▬ ▬ ▬▬ ▬▬▬ ▬ ▬▬ ▬▬▬ ▬▬ ▬ ▬▬▬ ▬ ▬▬ ▬▬ ▬▬▬ ▬ ▬▬ ▬▬▬ ▬ ▬▬ ▬▬▬ ▬▬ ▬ ▬▬▬ ▬ ▬▬ ▬▬ ▬▬▬ ▬ ▬▬ ▬▬▬ ▬ ▬▬ ▬▬▬ ▬▬ ▬ ▬▬▬ ▬ ▬▬ ▬▬ ▬▬▬ ▬ ▬▬ ▬▬▬ ▬ ▬▬ ▬▬▬ ▬▬ ▬ ▬▬▬ ▬ ▬▬ ▬▬ ▬▬▬ ▬ ▬▬ ▬▬▬ ▬ ▬▬ ▬▬▬ ▬▬ ▬ ▬▬▬ ▬ ▬▬ ▬▬ ▬▬▬ ▬ ▬▬ ▬▬▬ ▬ ▬▬ ▬▬▬ ▬▬ ▬ ▬▬▬ ▬ ▬▬ ▬▬ ▬▬▬ ▬ ▬▬ ▬▬▬ ▬ ▬▬ ▬▬▬ ▬▬ ▬ ▬▬▬ ▬ ▬▬ ▬▬ ▬▬▬ ▬ ▬▬ ▬▬▬ ▬ ▬▬ ▬▬▬ ▬▬ ▬ ▬▬▬ ▬ ▬▬ ▬▬
»7
